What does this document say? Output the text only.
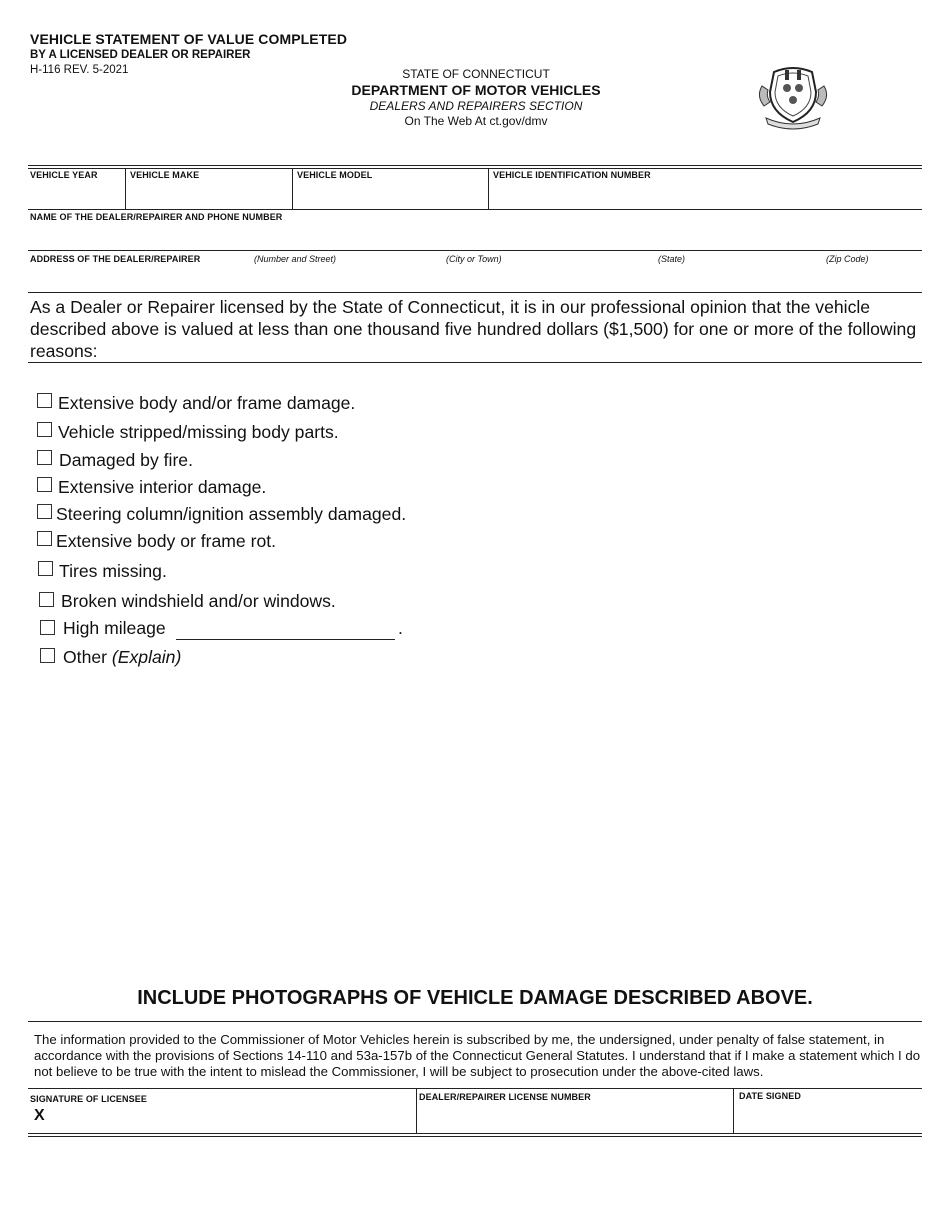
VEHICLE STATEMENT OF VALUE COMPLETED
BY A LICENSED DEALER OR REPAIRER
H-116 REV. 5-2021	STATE OF CONNECTICUT
DEPARTMENT OF MOTOR VEHICLES
DEALERS AND REPAIRERS SECTION
On The Web At ct.gov/dmv
VEHICLE YEAR	VEHICLE MAKE	VEHICLE MODEL	VEHICLE IDENTIFICATION NUMBER
NAME OF THE DEALER/REPAIRER AND PHONE NUMBER
ADDRESS OF THE DEALER/REPAIRER	(Number and Street)	(City or Town)	(State)	(Zip Code)
As a Dealer or Repairer licensed by the State of Connecticut, it is in our professional opinion that the vehicle described above is valued at less than one thousand five hundred dollars ($1,500) for one or more of the following reasons:
Extensive body and/or frame damage.
Vehicle stripped/missing body parts.
Damaged by fire.
Extensive interior damage.
Steering column/ignition assembly damaged.
Extensive body or frame rot.
Tires missing.
Broken windshield and/or windows.
High mileage	.
Other (Explain)
INCLUDE PHOTOGRAPHS OF VEHICLE DAMAGE DESCRIBED ABOVE.
The information provided to the Commissioner of Motor Vehicles herein is subscribed by me, the undersigned, under penalty of false statement, in accordance with the provisions of Sections 14-110 and 53a-157b of the Connecticut General Statutes. I understand that if I make a statement which I do not believe to be true with the intent to mislead the Commissioner, I will be subject to prosecution under the above-cited laws.
SIGNATURE OF LICENSEE
X
DEALER/REPAIRER LICENSE NUMBER	DATE SIGNED
